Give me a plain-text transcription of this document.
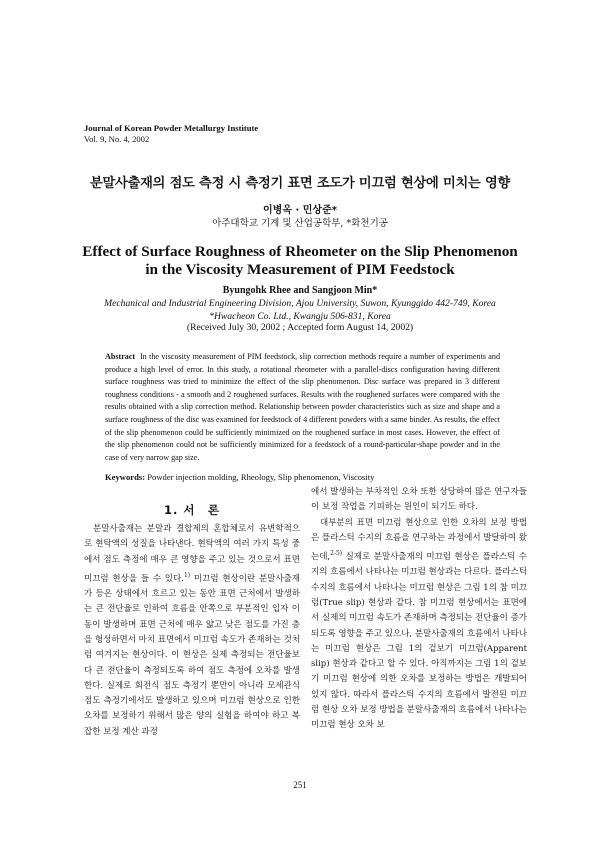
Journal of Korean Powder Metallurgy Institute
Vol. 9, No. 4, 2002
분말사출재의 점도 측정 시 측정기 표면 조도가 미끄럼 현상에 미치는 영향
이병옥 · 민상준*
아주대학교 기계 및 산업공학부, *화천기공
Effect of Surface Roughness of Rheometer on the Slip Phenomenon
in the Viscosity Measurement of PIM Feedstock
Byungohk Rhee and Sangjoon Min*
Mechanical and Industrial Engineering Division, Ajou University, Suwon, Kyunggido 442-749, Korea
*Hwacheon Co. Ltd., Kwangju 506-831, Korea
(Received July 30, 2002 ; Accepted form August 14, 2002)
Abstract In the viscosity measurement of PIM feedstock, slip correction methods require a number of experiments and produce a high level of error. In this study, a rotational rheometer with a parallel-discs configuration having different surface roughness was tried to minimize the effect of the slip phenomenon. Disc surface was prepared in 3 different roughness conditions - a smooth and 2 roughened surfaces. Results with the roughened surfaces were compared with the results obtained with a slip correction method. Relationship between powder characteristics such as size and shape and a surface roughness of the disc was examined for feedstock of 4 different powders with a same binder. As results, the effect of the slip phenomenon could be sufficiently minimized on the roughened surface in most cases. However, the effect of the slip phenomenon could not be sufficiently minimized for a feedstock of a round-particular-shape powder and in the case of very narrow gap size.
Keywords: Powder injection molding, Rheology, Slip phenomenon, Viscosity
1. 서　론

분말사출재는 분말과 결합제의 혼합체로서 유변학적으로 현탁액의 성질을 나타낸다. 현탁액의 여러 가지 특성 중에서 점도 측정에 매우 큰 영향을 주고 있는 것으로서 표면 미끄럼 현상을 들 수 있다.$^{1)}$ 미끄럼 현상이란 분말사출재가 등온 상태에서 흐르고 있는 동안 표면 근처에서 발생하는 큰 전단율로 인하여 흐름을 안쪽으로 부분적인 입자 이동이 발생하며 표면 근처에 매우 얇고 낮은 점도를 가진 층을 형성하면서 마치 표면에서 미끄럼 속도가 존재하는 것처럼 여겨지는 현상이다. 이 현상은 실제 측정되는 전단율보다 큰 전단율이 측정되도록 하여 점도 측정에 오차를 발생한다. 실제로 회전식 점도 측정기 뿐만이 아니라 모세관식 점도 측정기에서도 발생하고 있으며 미끄럼 현상으로 인한 오차를 보정하기 위해서 많은 양의 실험을 하여야 하고 복잡한 보정 계산 과정

에서 발생하는 부차적인 오차 또한 상당하여 많은 연구자들이 보정 작업을 기피하는 원인이 되기도 하다.

대부분의 표면 미끄럼 현상으로 인한 오차의 보정 방법은 플라스틱 수지의 흐름을 연구하는 과정에서 발달하여 왔는데,$^{2-5)}$ 실제로 분말사출재의 미끄럼 현상은 플라스틱 수지의 흐름에서 나타나는 미끄럼 현상과는 다르다. 플라스틱 수지의 흐름에서 나타나는 미끄럼 현상은 그림 1의 참 미끄럼(True slip) 현상과 같다. 참 미끄럼 현상에서는 표면에서 실제의 미끄럼 속도가 존재하며 측정되는 전단율이 증가되도록 영향을 주고 있으나, 분말사출재의 흐름에서 나타나는 미끄럼 현상은 그림 1의 겉보기 미끄럼(Apparent slip) 현상과 같다고 할 수 있다. 아직까지는 그림 1의 겉보기 미끄럼 현상에 의한 오차를 보정하는 방법은 개발되어 있지 않다. 따라서 플라스틱 수지의 흐름에서 발전된 미끄럼 현상 오차 보정 방법을 분말사출재의 흐름에서 나타나는 미끄럼 현상 오차 보

251
